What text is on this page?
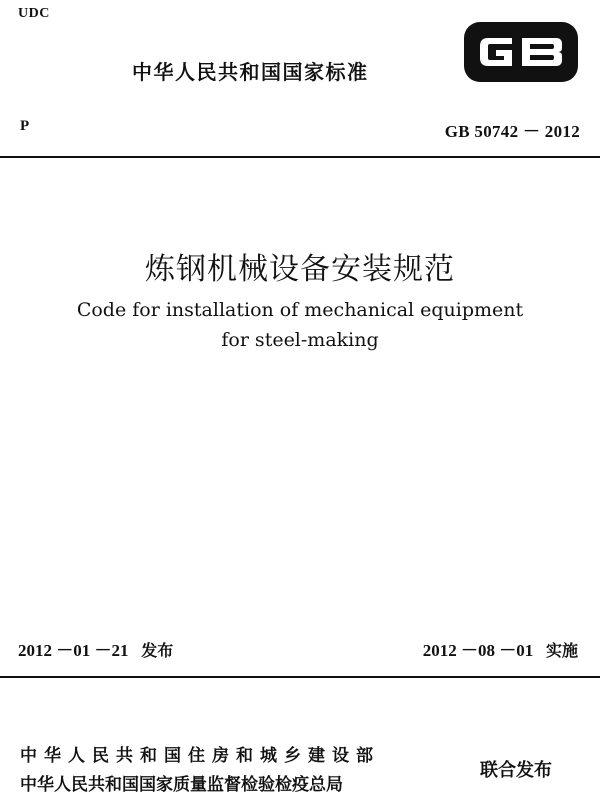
UDC
中华人民共和国国家标准
P	GB 50742 － 2012
炼钢机械设备安装规范
Code for installation of mechanical equipment
for steel-making
2012 －01 －21 发布	2012 －08 －01 实施
中华人民共和国住房和城乡建设部
中华人民共和国国家质量监督检验检疫总局
联合发布
